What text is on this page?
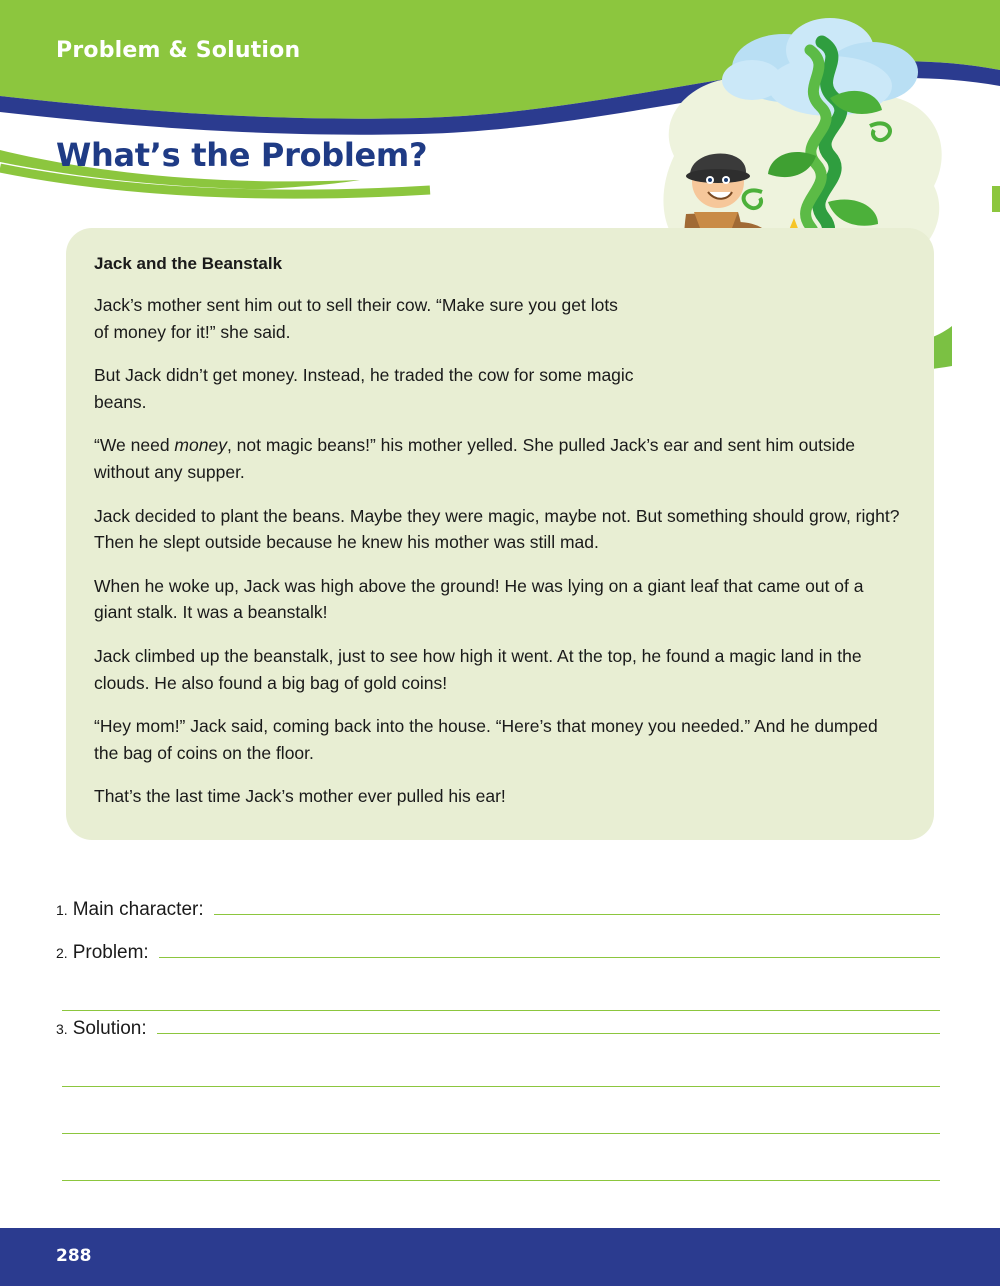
Problem & Solution
What’s the Problem?
Jack and the Beanstalk

Jack’s mother sent him out to sell their cow. “Make sure you get lots of money for it!” she said.

But Jack didn’t get money. Instead, he traded the cow for some magic beans.

“We need money, not magic beans!” his mother yelled. She pulled Jack’s ear and sent him outside without any supper.

Jack decided to plant the beans. Maybe they were magic, maybe not. But something should grow, right? Then he slept outside because he knew his mother was still mad.

When he woke up, Jack was high above the ground! He was lying on a giant leaf that came out of a giant stalk. It was a beanstalk!

Jack climbed up the beanstalk, just to see how high it went. At the top, he found a magic land in the clouds. He also found a big bag of gold coins!

“Hey mom!” Jack said, coming back into the house. “Here’s that money you needed.” And he dumped the bag of coins on the floor.

That’s the last time Jack’s mother ever pulled his ear!

1. Main character:
2. Problem:
3. Solution:
288
